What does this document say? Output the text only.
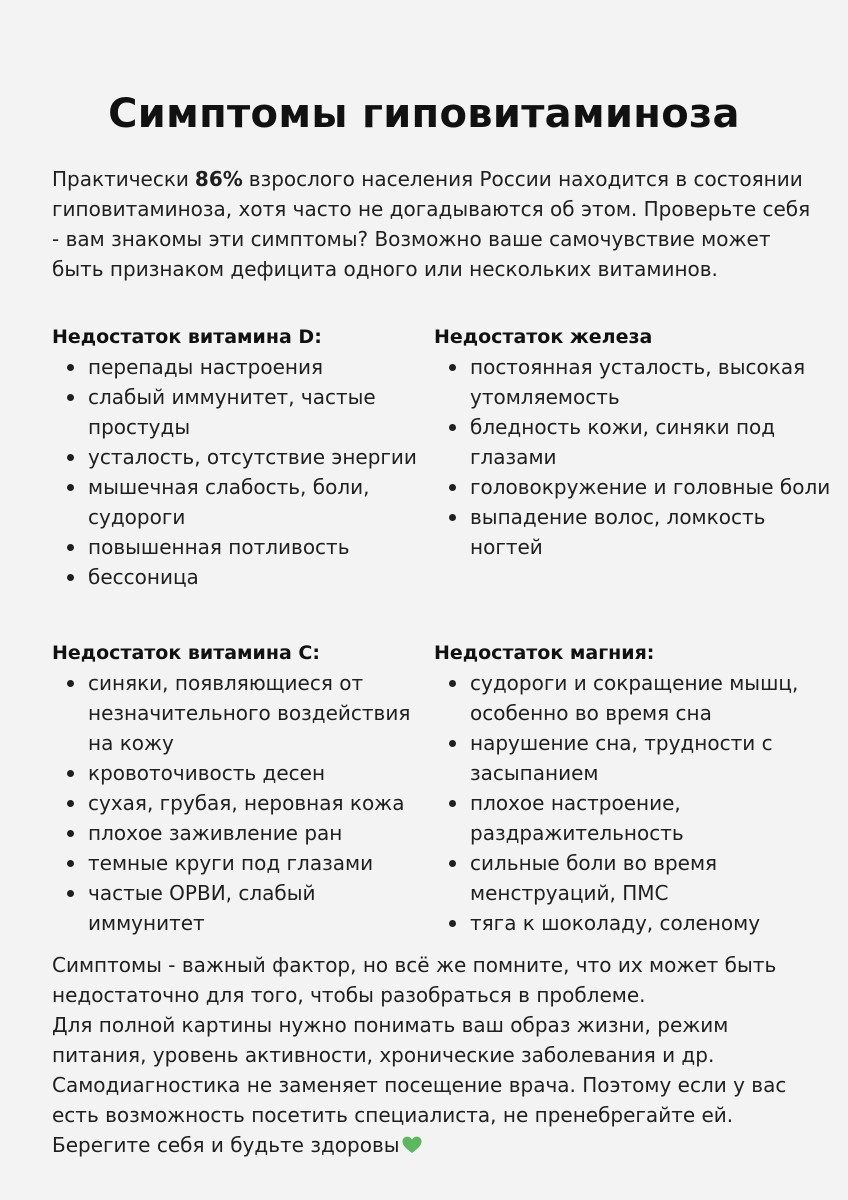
Симптомы гиповитаминоза

Практически 86% взрослого населения России находится в состоянии гиповитаминоза, хотя часто не догадываются об этом. Проверьте себя - вам знакомы эти симптомы? Возможно ваше самочувствие может быть признаком дефицита одного или нескольких витаминов.

Недостаток витамина D:
перепады настроения
слабый иммунитет, частые простуды
усталость, отсутствие энергии
мышечная слабость, боли, судороги
повышенная потливость
бессоница
Недостаток железа
постоянная усталость, высокая утомляемость
бледность кожи, синяки под глазами
головокружение и головные боли
выпадение волос, ломкость ногтей
Недостаток витамина C:
синяки, появляющиеся от незначительного воздействия на кожу
кровоточивость десен
сухая, грубая, неровная кожа
плохое заживление ран
темные круги под глазами
частые ОРВИ, слабый иммунитет
Недостаток магния:
судороги и сокращение мышц, особенно во время сна
нарушение сна, трудности с засыпанием
плохое настроение, раздражительность
сильные боли во время менструаций, ПМС
тяга к шоколаду, соленому

Симптомы - важный фактор, но всё же помните, что их может быть недостаточно для того, чтобы разобраться в проблеме.

Для полной картины нужно понимать ваш образ жизни, режим питания, уровень активности, хронические заболевания и др.

Самодиагностика не заменяет посещение врача. Поэтому если у вас есть возможность посетить специалиста, не пренебрегайте ей.

Берегите себя и будьте здоровы
